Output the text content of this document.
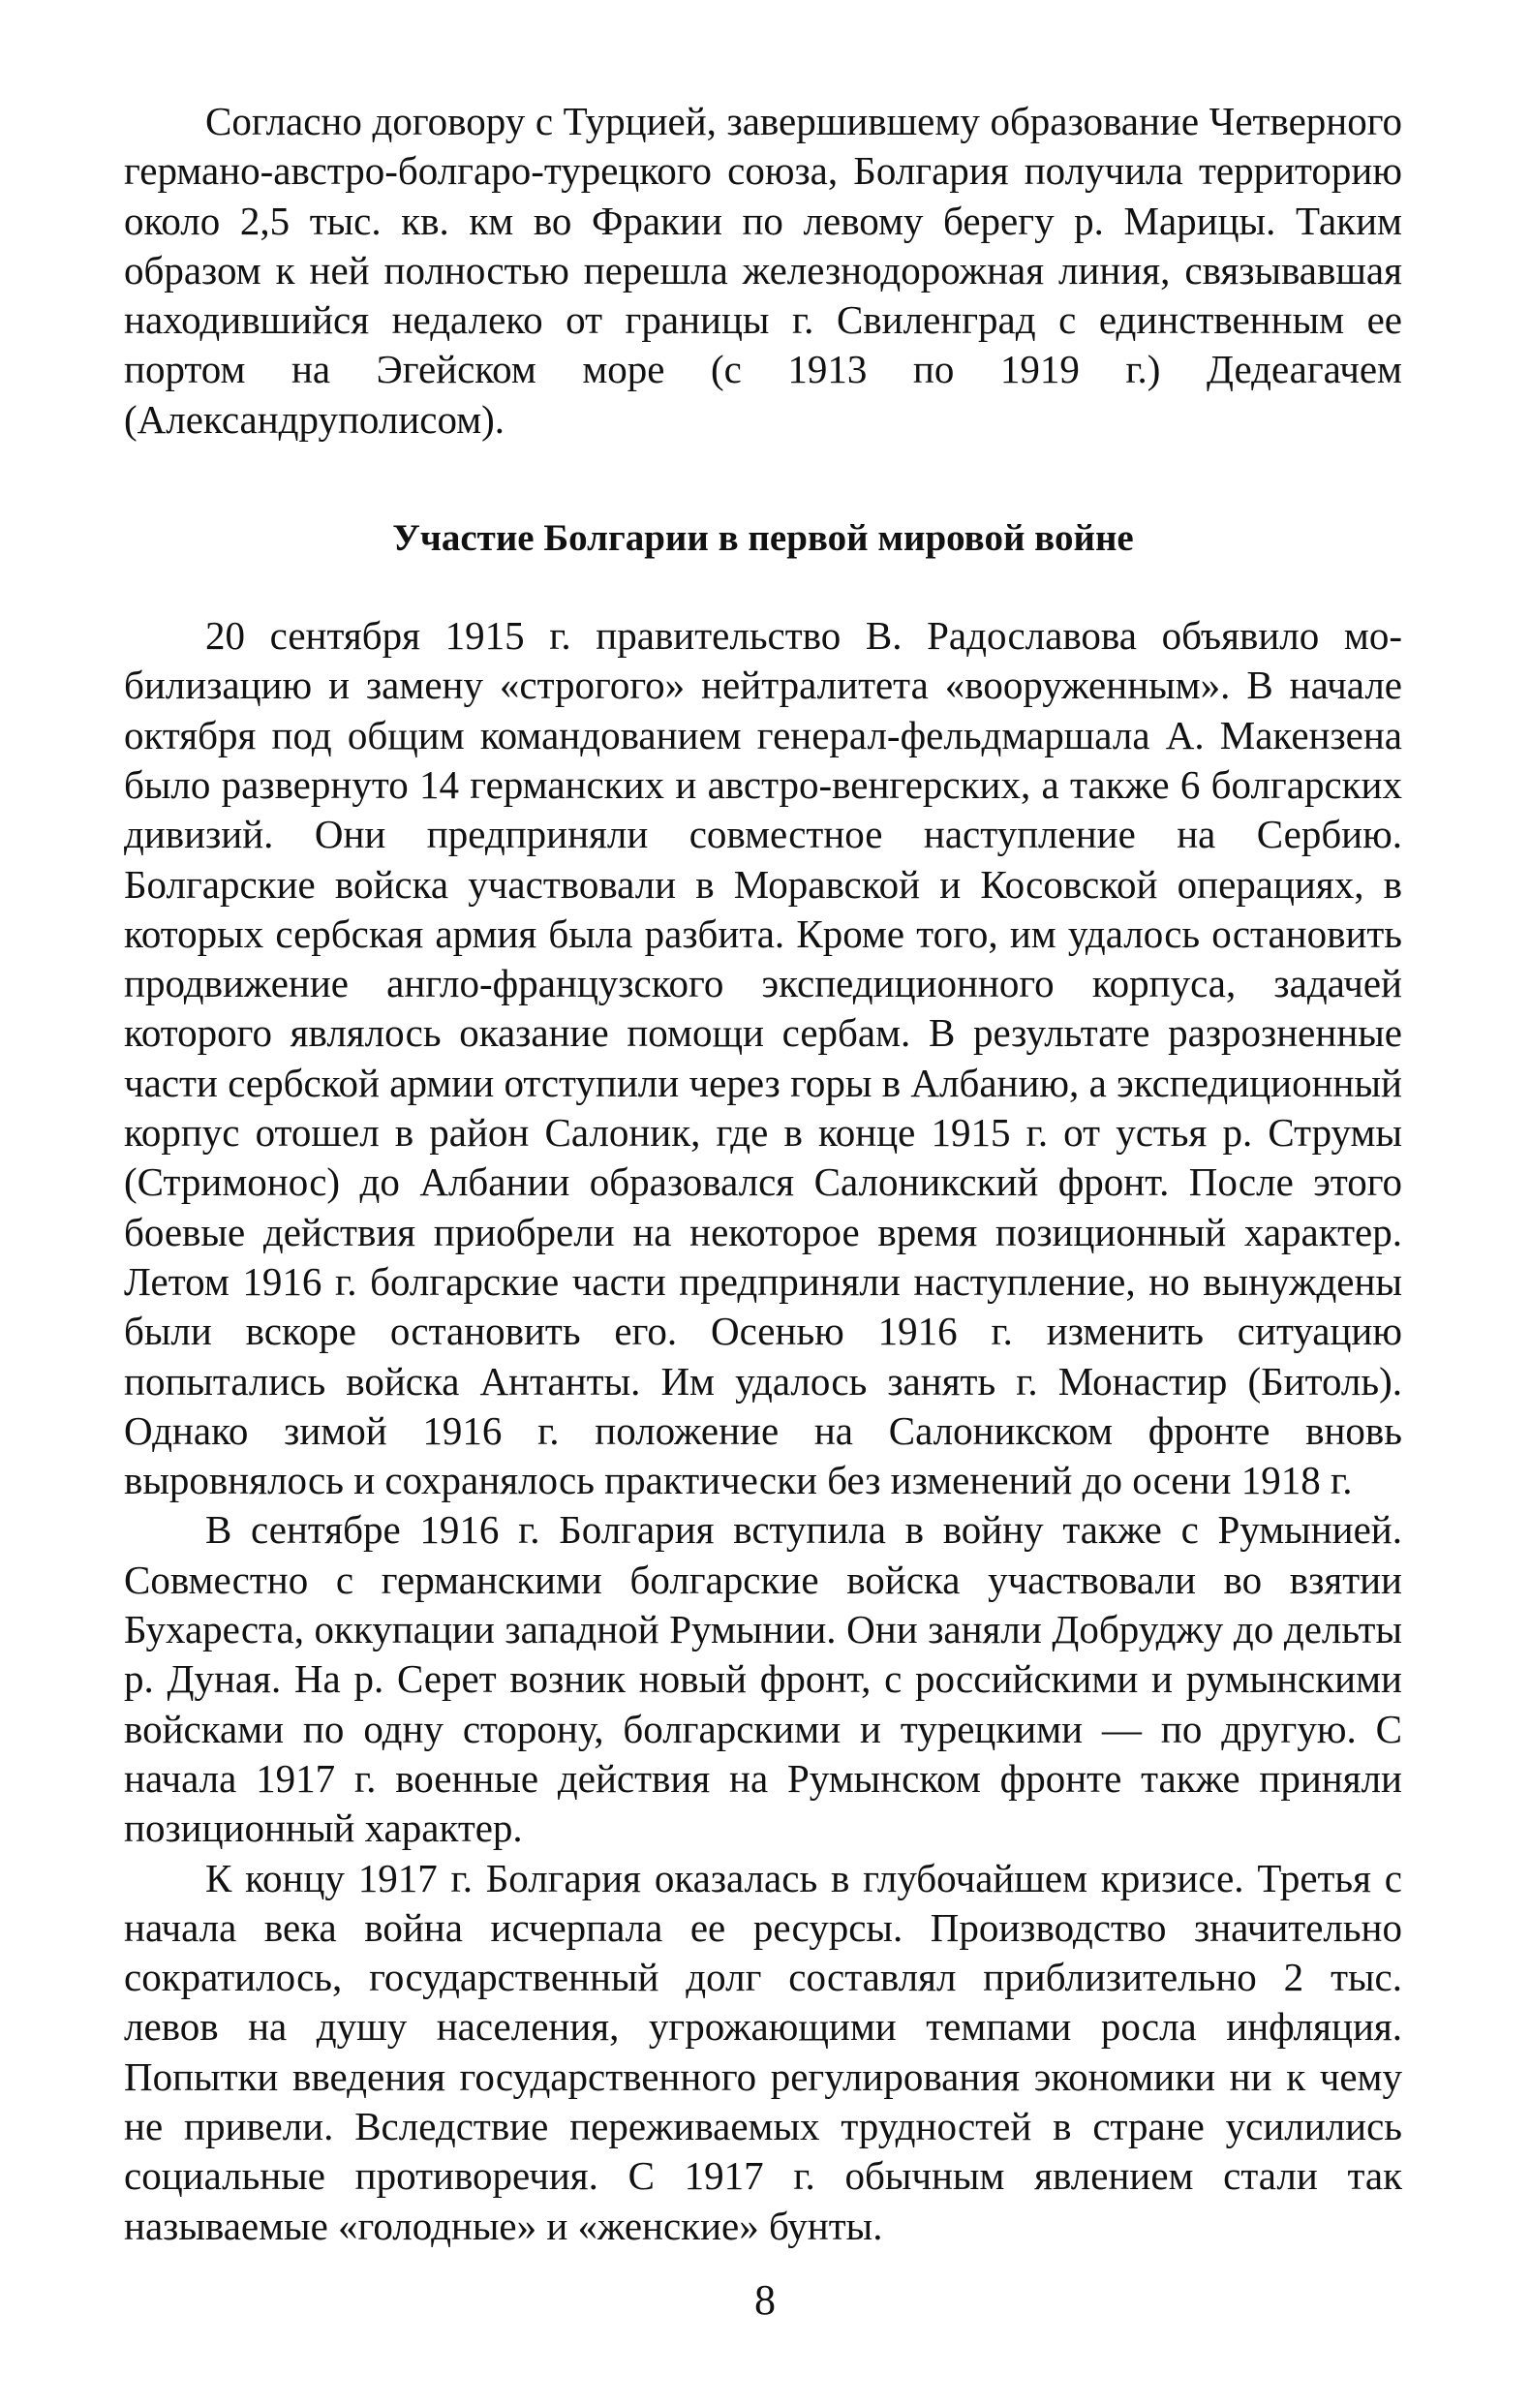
Согласно договору с Турцией, завершившему образование Четверного германо-австро-болгаро-турецкого союза, Болгария получила территорию около 2,5 тыс. кв. км во Фракии по левому берегу р. Марицы. Таким образом к ней полностью перешла железнодорожная линия, связывавшая находившийся недалеко от границы г. Свиленград с единственным ее портом на Эгейском море (с 1913 по 1919 г.) Дедеагачем (Александруполисом).

Участие Болгарии в первой мировой войне

20 сентября 1915 г. правительство В. Радославова объявило мобилизацию и замену «строгого» нейтралитета «вооруженным». В начале октября под общим командованием генерал-фельдмаршала А. Макензена было развернуто 14 германских и австро-венгерских, а также 6 болгарских дивизий. Они предприняли совместное наступление на Сербию. Болгарские войска участвовали в Моравской и Косовской операциях, в которых сербская армия была разбита. Кроме того, им удалось остановить продвижение англо-французского экспедиционного корпуса, задачей которого являлось оказание помощи сербам. В результате разрозненные части сербской армии отступили через горы в Албанию, а экспедиционный корпус отошел в район Салоник, где в конце 1915 г. от устья р. Струмы (Стримонос) до Албании образовался Салоникский фронт. После этого боевые действия приобрели на некоторое время позиционный характер. Летом 1916 г. болгарские части предприняли наступление, но вынуждены были вскоре остановить его. Осенью 1916 г. изменить ситуацию попытались войска Антанты. Им удалось занять г. Монастир (Битоль). Однако зимой 1916 г. положение на Салоникском фронте вновь выровнялось и сохранялось практически без изменений до осени 1918 г.

В сентябре 1916 г. Болгария вступила в войну также с Румынией. Совместно с германскими болгарские войска участвовали во взятии Бухареста, оккупации западной Румынии. Они заняли Добруджу до дельты р. Дуная. На р. Серет возник новый фронт, с российскими и румынскими войсками по одну сторону, болгарскими и турецкими — по другую. С начала 1917 г. военные действия на Румынском фронте также приняли позиционный характер.

К концу 1917 г. Болгария оказалась в глубочайшем кризисе. Третья с начала века война исчерпала ее ресурсы. Производство значительно сократилось, государственный долг составлял приблизительно 2 тыс. левов на душу населения, угрожающими темпами росла инфляция. Попытки введения государственного регулирования экономики ни к чему не привели. Вследствие переживаемых трудностей в стране усилились социальные противоречия. С 1917 г. обычным явлением стали так называемые «голодные» и «женские» бунты.

8
